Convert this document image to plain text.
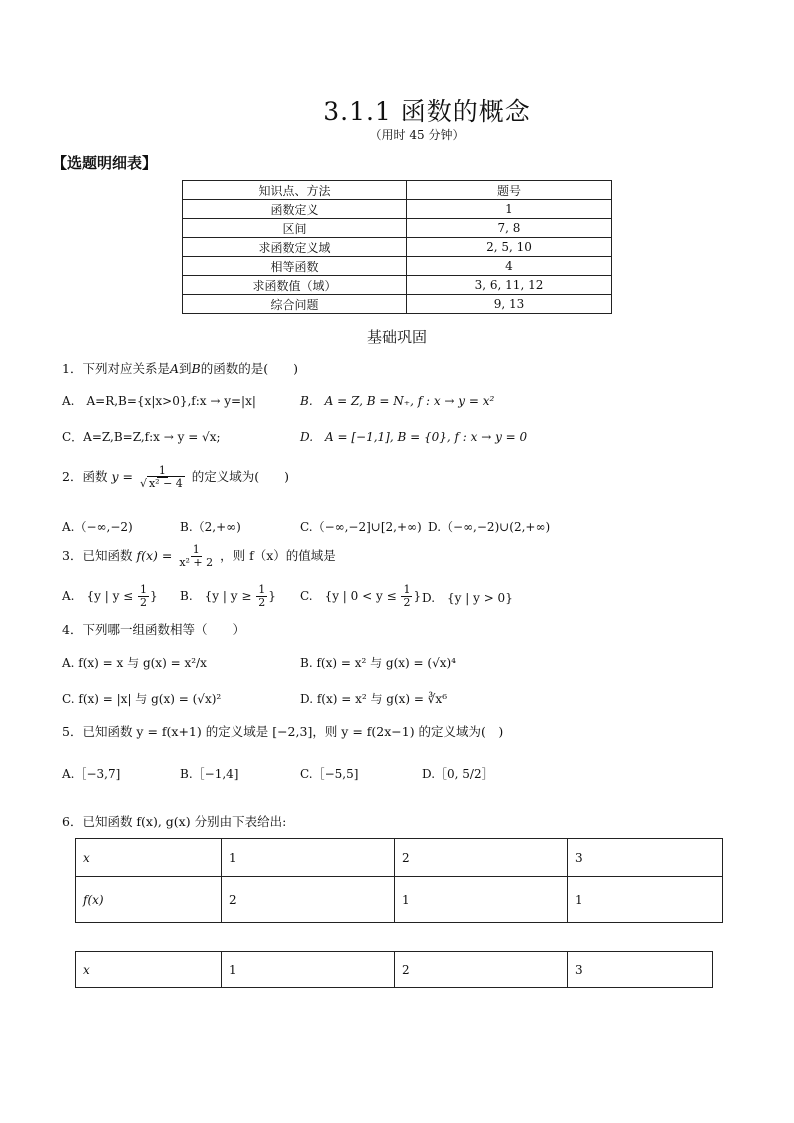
3.1.1 函数的概念
（用时 45 分钟）
【选题明细表】
知识点、方法	题号
函数定义	1
区间	7, 8
求函数定义域	2, 5, 10
相等函数	4
求函数值（域）	3, 6, 11, 12
综合问题	9, 13
基础巩固
1．下列对应关系是A到B的函数的是(　　)
A.　A=R,B={x|x>0},f:x → y=|x|	B.　A = Z, B = N₊, f : x → y = x²
C．A=Z,B=Z,f:x → y = √x;	D.　A = [−1,1], B = {0}, f : x → y = 0
2．函数 $y = \frac{1}{\text{√ x² − 4}}$ 的定义域为(　　)
A.（−∞,−2)	B.（2,+∞)	C.（−∞,−2]∪[2,+∞) D.（−∞,−2)∪(2,+∞)
3．已知函数 $f(x) = \frac{1}{\text{x² + 2}}$ ，则 f（x）的值域是
A.　{y | $y \le \frac{1}{2}$ } B.　{y | $y \ge \frac{1}{2}$ } C.　{y | $0 < y \le \frac{1}{2}$ } D.　{y | y > 0}
4．下列哪一组函数相等（　　）
A. f(x) = x 与 g(x) = x²/x	B. f(x) = x² 与 g(x) = (√x)⁴
C. f(x) = |x| 与 g(x) = (√x)²	D. f(x) = x² 与 g(x) = ∛x⁶
5．已知函数 y = f(x+1) 的定义域是 [−2,3]，则 y = f(2x−1) 的定义域为(　)
A.［−3,7]	B.［−1,4]	C.［−5,5]	D.［0, 5/2］
6．已知函数 f(x), g(x) 分别由下表给出:
x	1	2	3
f(x)	2	1	1
x	1	2	3
